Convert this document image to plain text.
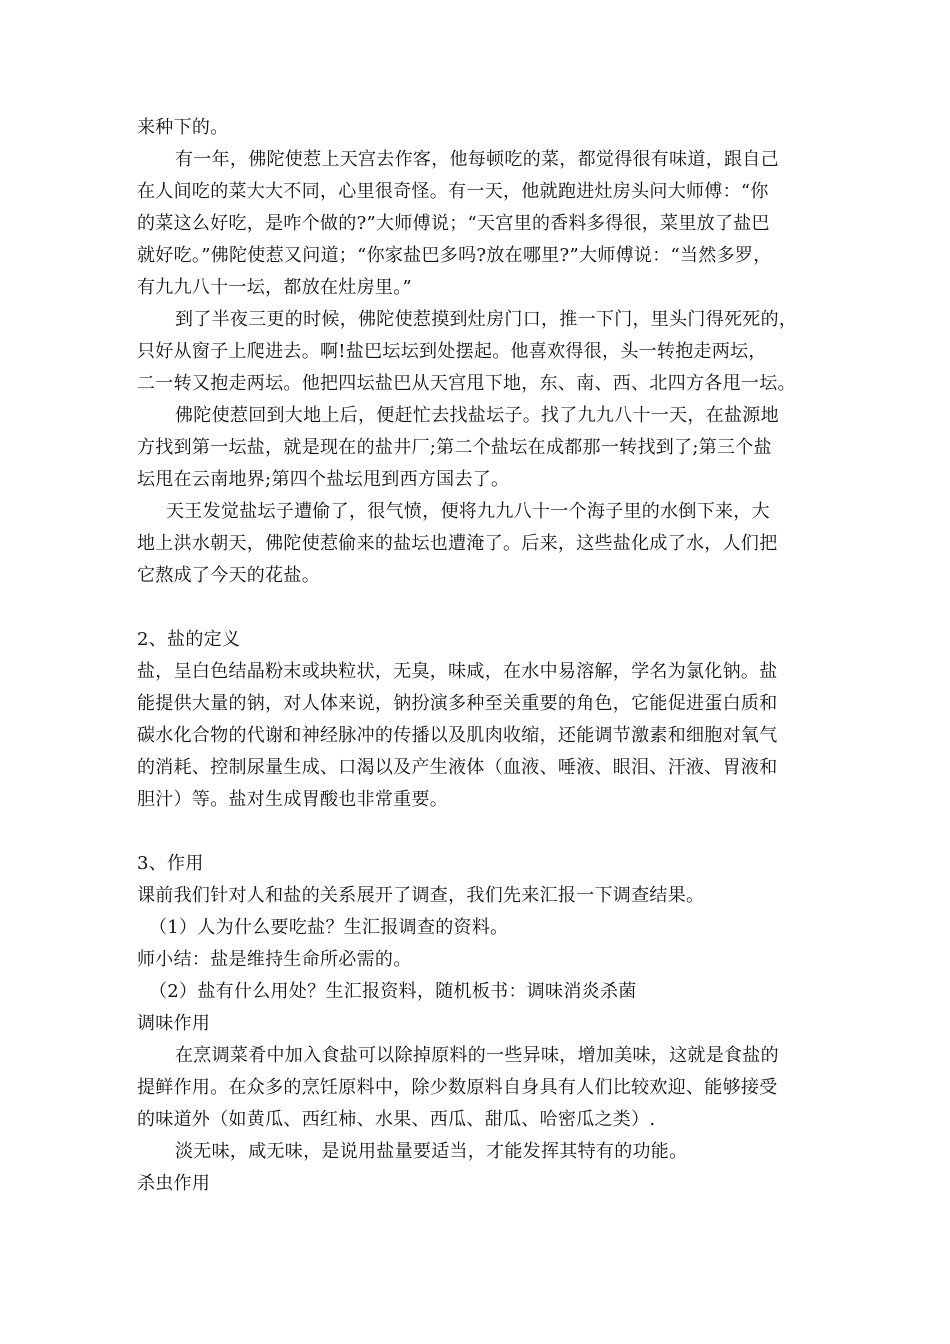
来种下的。
有一年，佛陀使惹上天宫去作客，他每顿吃的菜，都觉得很有味道，跟自己
在人间吃的菜大大不同，心里很奇怪。有一天，他就跑进灶房头问大师傅：“你
的菜这么好吃，是咋个做的?”大师傅说；“天宫里的香料多得很，菜里放了盐巴
就好吃。”佛陀使惹又问道；“你家盐巴多吗?放在哪里?”大师傅说：“当然多罗，
有九九八十一坛，都放在灶房里。”
到了半夜三更的时候，佛陀使惹摸到灶房门口，推一下门，里头门得死死的，
只好从窗子上爬进去。啊!盐巴坛坛到处摆起。他喜欢得很，头一转抱走两坛，
二一转又抱走两坛。他把四坛盐巴从天宫甩下地，东、南、西、北四方各甩一坛。
佛陀使惹回到大地上后，便赶忙去找盐坛子。找了九九八十一天，在盐源地
方找到第一坛盐，就是现在的盐井厂;第二个盐坛在成都那一转找到了;第三个盐
坛甩在云南地界;第四个盐坛甩到西方国去了。
天王发觉盐坛子遭偷了，很气愤，便将九九八十一个海子里的水倒下来，大
地上洪水朝天，佛陀使惹偷来的盐坛也遭淹了。后来，这些盐化成了水，人们把
它熬成了今天的花盐。
2、盐的定义
盐，呈白色结晶粉末或块粒状，无臭，味咸，在水中易溶解，学名为氯化钠。盐
能提供大量的钠，对人体来说，钠扮演多种至关重要的角色，它能促进蛋白质和
碳水化合物的代谢和神经脉冲的传播以及肌肉收缩，还能调节激素和细胞对氧气
的消耗、控制尿量生成、口渴以及产生液体（血液、唾液、眼泪、汗液、胃液和
胆汁）等。盐对生成胃酸也非常重要。
3、作用
课前我们针对人和盐的关系展开了调查，我们先来汇报一下调查结果。
（1）人为什么要吃盐？生汇报调查的资料。
师小结：盐是维持生命所必需的。
（2）盐有什么用处？生汇报资料，随机板书：调味消炎杀菌
调味作用
在烹调菜肴中加入食盐可以除掉原料的一些异味，增加美味，这就是食盐的
提鲜作用。在众多的烹饪原料中，除少数原料自身具有人们比较欢迎、能够接受
的味道外（如黄瓜、西红柿、水果、西瓜、甜瓜、哈密瓜之类）.
淡无味，咸无味，是说用盐量要适当，才能发挥其特有的功能。
杀虫作用
